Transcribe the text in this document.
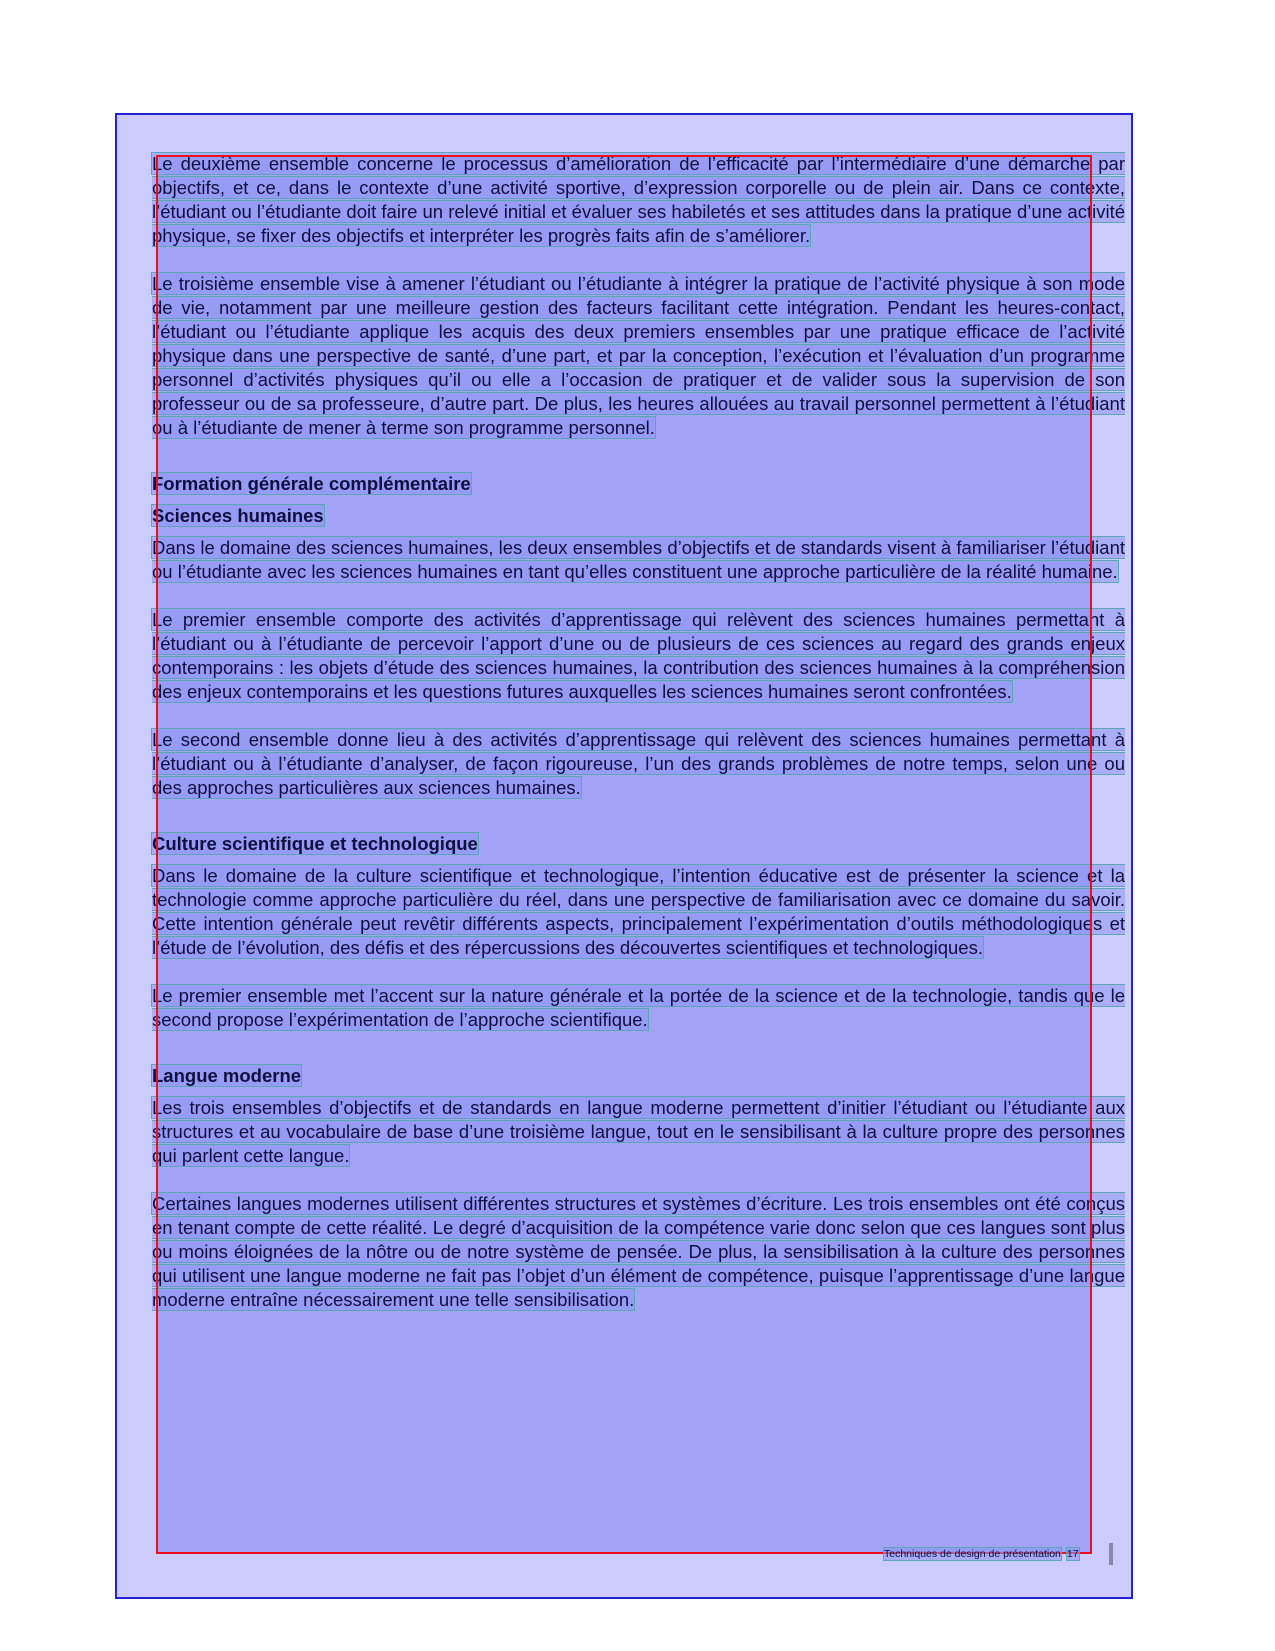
Le deuxième ensemble concerne le processus d’amélioration de l’efficacité par l’intermédiaire d’une démarche par objectifs, et ce, dans le contexte d’une activité sportive, d’expression corporelle ou de plein air. Dans ce contexte, l’étudiant ou l’étudiante doit faire un relevé initial et évaluer ses habiletés et ses attitudes dans la pratique d’une activité physique, se fixer des objectifs et interpréter les progrès faits afin de s’améliorer.

Le troisième ensemble vise à amener l’étudiant ou l’étudiante à intégrer la pratique de l’activité physique à son mode de vie, notamment par une meilleure gestion des facteurs facilitant cette intégration. Pendant les heures-contact, l’étudiant ou l’étudiante applique les acquis des deux premiers ensembles par une pratique efficace de l’activité physique dans une perspective de santé, d’une part, et par la conception, l’exécution et l’évaluation d’un programme personnel d’activités physiques qu’il ou elle a l’occasion de pratiquer et de valider sous la supervision de son professeur ou de sa professeure, d’autre part. De plus, les heures allouées au travail personnel permettent à l’étudiant ou à l’étudiante de mener à terme son programme personnel.

Formation générale complémentaire
Sciences humaines

Dans le domaine des sciences humaines, les deux ensembles d’objectifs et de standards visent à familiariser l’étudiant ou l’étudiante avec les sciences humaines en tant qu’elles constituent une approche particulière de la réalité humaine.

Le premier ensemble comporte des activités d’apprentissage qui relèvent des sciences humaines permettant à l’étudiant ou à l’étudiante de percevoir l’apport d’une ou de plusieurs de ces sciences au regard des grands enjeux contemporains : les objets d’étude des sciences humaines, la contribution des sciences humaines à la compréhension des enjeux contemporains et les questions futures auxquelles les sciences humaines seront confrontées.

Le second ensemble donne lieu à des activités d’apprentissage qui relèvent des sciences humaines permettant à l’étudiant ou à l’étudiante d’analyser, de façon rigoureuse, l’un des grands problèmes de notre temps, selon une ou des approches particulières aux sciences humaines.

Culture scientifique et technologique

Dans le domaine de la culture scientifique et technologique, l’intention éducative est de présenter la science et la technologie comme approche particulière du réel, dans une perspective de familiarisation avec ce domaine du savoir. Cette intention générale peut revêtir différents aspects, principalement l’expérimentation d’outils méthodologiques et l’étude de l’évolution, des défis et des répercussions des découvertes scientifiques et technologiques.

Le premier ensemble met l’accent sur la nature générale et la portée de la science et de la technologie, tandis que le second propose l’expérimentation de l’approche scientifique.

Langue moderne

Les trois ensembles d’objectifs et de standards en langue moderne permettent d’initier l’étudiant ou l’étudiante aux structures et au vocabulaire de base d’une troisième langue, tout en le sensibilisant à la culture propre des personnes qui parlent cette langue.

Certaines langues modernes utilisent différentes structures et systèmes d’écriture. Les trois ensembles ont été conçus en tenant compte de cette réalité. Le degré d’acquisition de la compétence varie donc selon que ces langues sont plus ou moins éloignées de la nôtre ou de notre système de pensée. De plus, la sensibilisation à la culture des personnes qui utilisent une langue moderne ne fait pas l’objet d’un élément de compétence, puisque l’apprentissage d’une langue moderne entraîne nécessairement une telle sensibilisation.

Techniques de design de présentation 17
